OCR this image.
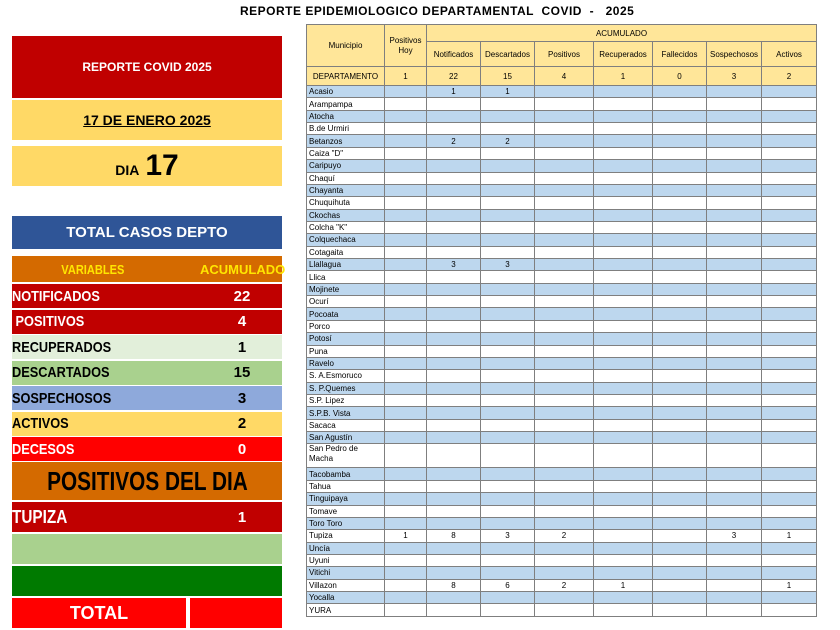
REPORTE EPIDEMIOLOGICO DEPARTAMENTAL  COVID  -   2025
REPORTE COVID 2025
17 DE ENERO 2025
DIA 17
TOTAL CASOS DEPTO
VARIABLES	ACUMULADO
NOTIFICADOS	22
POSITIVOS	4
RECUPERADOS	1
DESCARTADOS	15
SOSPECHOSOS	3
ACTIVOS	2
DECESOS	0
POSITIVOS DEL DIA
TUPIZA	1
TOTAL
Municipio	Positivos Hoy	ACUMULADO						
		Notificados	Descartados	Positivos	Recuperados	Fallecidos	Sospechosos	Activos
DEPARTAMENTO	1	22	15	4	1	0	3	2
Acasio		1	1					
Arampampa								
Atocha								
B.de Urmiri								
Betanzos		2	2					
Caiza "D"								
Caripuyo								
Chaquí								
Chayanta								
Chuquihuta								
Ckochas								
Colcha "K"								
Colquechaca								
Cotagaita								
Llallagua		3	3					
Llica								
Mojinete								
Ocurí								
Pocoata								
Porco								
Potosí								
Puna								
Ravelo								
S. A.Esmoruco								
S. P.Quemes								
S.P. Lipez								
S.P.B. Vista								
Sacaca								
San Agustín								
San Pedro de Macha								
Tacobamba								
Tahua								
Tinguipaya								
Tomave								
Toro Toro								
Tupiza	1	8	3	2			3	1
Uncía								
Uyuni								
Vitichi								
Villazon		8	6	2	1			1
Yocalla								
YURA								
